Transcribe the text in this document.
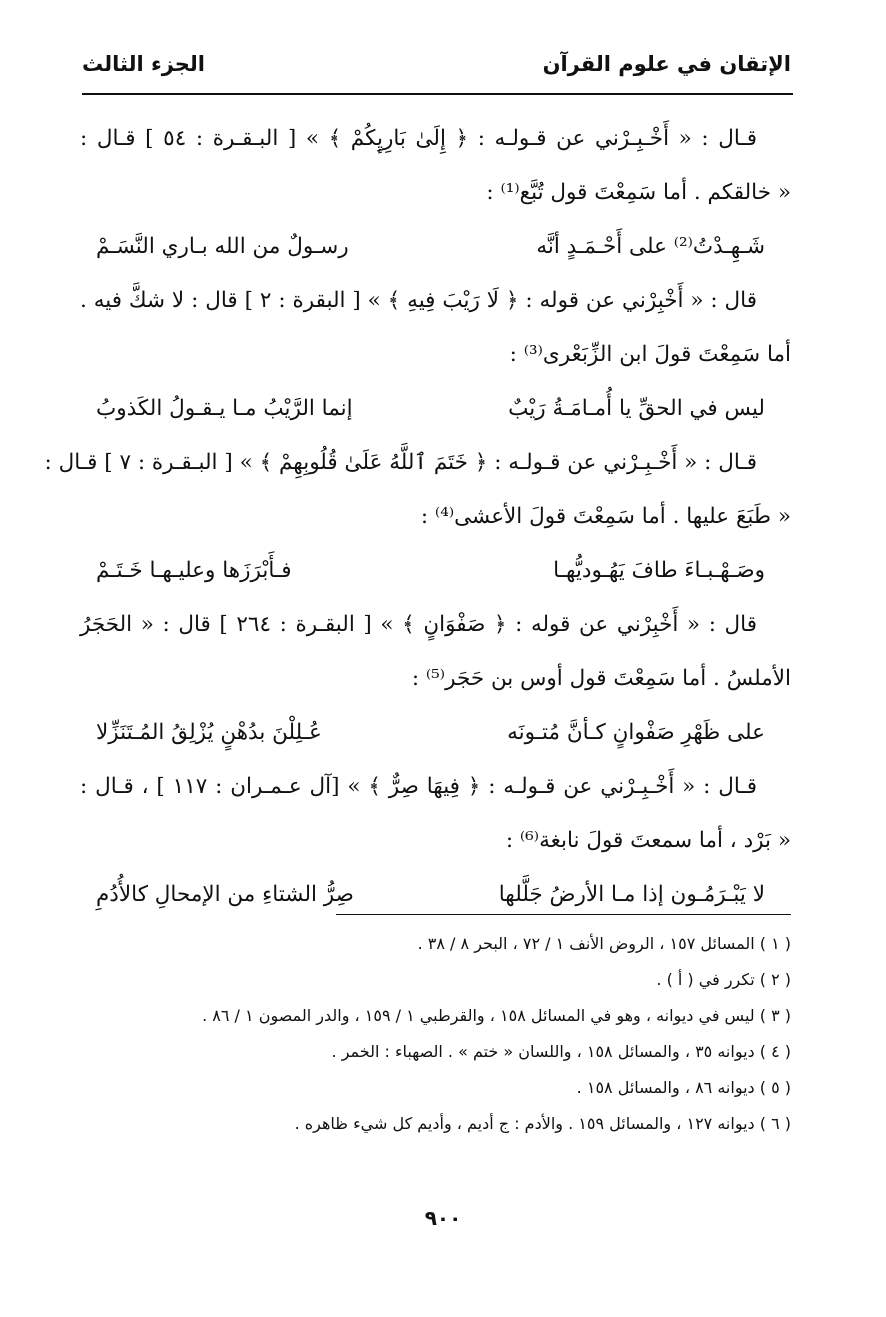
الإتقان في علوم القرآن
الجزء الثالث
قـال : « أَخْـبِـرْني عن قـولـه : ﴿ إِلَىٰ بَارِيِٕكُمْ ﴾ » [ البـقـرة : ٥٤ ] قـال :
« خالقكم . أما سَمِعْتَ قول تُبَّع⁽¹⁾ :
شَـهِـدْتُ⁽²⁾ على أَحْـمَـدٍ أنَّه
رسـولٌ من الله بـاري النَّسَـمْ
قال : « أَخْبِرْني عن قوله : ﴿ لَا رَيْبَ فِيهِ ﴾ » [ البقرة : ٢ ] قال : لا شكَّ فيه .
أما سَمِعْتَ قولَ ابن الزِّبَعْرى⁽³⁾ :
ليس في الحقِّ يا أُمـامَـةُ رَيْبٌ
إنما الرَّيْبُ مـا يـقـولُ الكَذوبُ
قـال : « أَخْـبِـرْني عن قـولـه : ﴿ خَتَمَ ٱللَّهُ عَلَىٰ قُلُوبِهِمْ ﴾ » [ البـقـرة : ٧ ] قـال :
« طَبَعَ عليها . أما سَمِعْتَ قولَ الأعشى⁽⁴⁾ :
وصَـهْـبـاءَ طافَ يَهُـوديُّهـا
فـأَبْرَزَها وعليـهـا خَـتَـمْ
قال : « أَخْبِرْني عن قوله : ﴿ صَفْوَانٍ ﴾ » [ البقـرة : ٢٦٤ ] قال : « الحَجَرُ
الأملسُ . أما سَمِعْتَ قول أوس بن حَجَر⁽⁵⁾ :
على ظَهْرِ صَفْوانٍ كـأنَّ مُتـونَه
عُـلِلْنَ بدُهْنٍ يُزْلِقُ المُـتَنَزِّلا
قـال : « أَخْـبِـرْني عن قـولـه : ﴿ فِيهَا صِرٌّ ﴾ » [آل عـمـران : ١١٧ ] ، قـال :
« بَرْد ، أما سمعتَ قولَ نابغة⁽⁶⁾ :
لا يَبْـرَمُـون إذا مـا الأرضُ جَلَّلها
صِرُّ الشتاءِ من الإمحالِ كالأُدُمِ
( ١ ) المسائل ١٥٧ ، الروض الأنف ١ / ٧٢ ، البحر ٨ / ٣٨ .
( ٢ ) تكرر في ( أ ) .
( ٣ ) ليس في ديوانه ، وهو في المسائل ١٥٨ ، والقرطبي ١ / ١٥٩ ، والدر المصون ١ / ٨٦ .
( ٤ ) ديوانه ٣٥ ، والمسائل ١٥٨ ، واللسان « ختم » . الصهباء : الخمر .
( ٥ ) ديوانه ٨٦ ، والمسائل ١٥٨ .
( ٦ ) ديوانه ١٢٧ ، والمسائل ١٥٩ . والأدم : ج أديم ، وأديم كل شيء ظاهره .
٩٠٠
